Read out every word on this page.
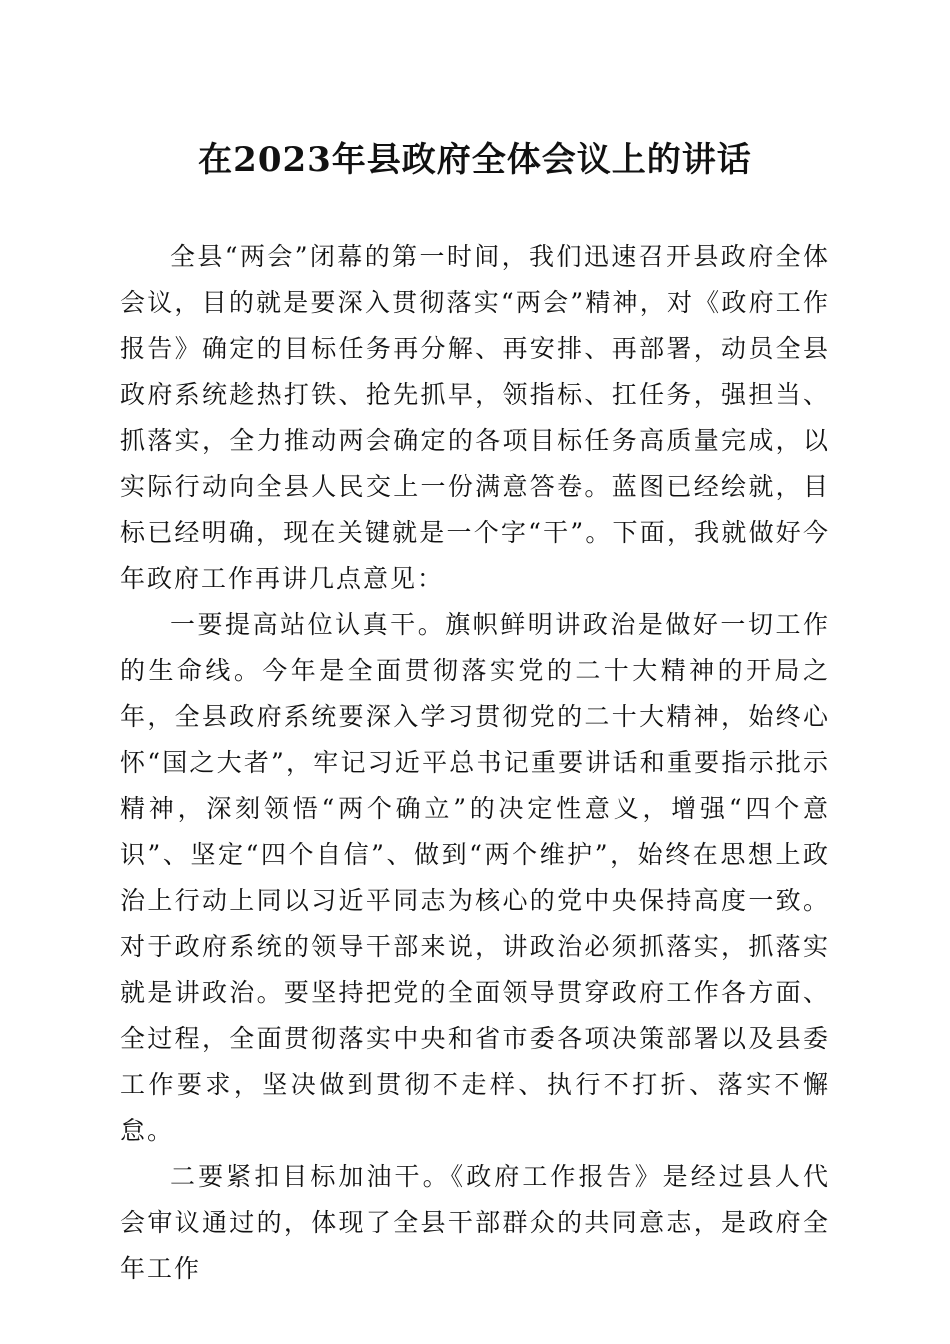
在2023年县政府全体会议上的讲话

全县“两会”闭幕的第一时间，我们迅速召开县政府全体会议，目的就是要深入贯彻落实“两会”精神，对《政府工作报告》确定的目标任务再分解、再安排、再部署，动员全县政府系统趁热打铁、抢先抓早，领指标、扛任务，强担当、抓落实，全力推动两会确定的各项目标任务高质量完成，以实际行动向全县人民交上一份满意答卷。蓝图已经绘就，目标已经明确，现在关键就是一个字“干”。下面，我就做好今年政府工作再讲几点意见：

一要提高站位认真干。旗帜鲜明讲政治是做好一切工作的生命线。今年是全面贯彻落实党的二十大精神的开局之年，全县政府系统要深入学习贯彻党的二十大精神，始终心怀“国之大者”，牢记习近平总书记重要讲话和重要指示批示精神，深刻领悟“两个确立”的决定性意义，增强“四个意识”、坚定“四个自信”、做到“两个维护”，始终在思想上政治上行动上同以习近平同志为核心的党中央保持高度一致。对于政府系统的领导干部来说，讲政治必须抓落实，抓落实就是讲政治。要坚持把党的全面领导贯穿政府工作各方面、全过程，全面贯彻落实中央和省市委各项决策部署以及县委工作要求，坚决做到贯彻不走样、执行不打折、落实不懈怠。

二要紧扣目标加油干。《政府工作报告》是经过县人代会审议通过的，体现了全县干部群众的共同意志，是政府全年工作
